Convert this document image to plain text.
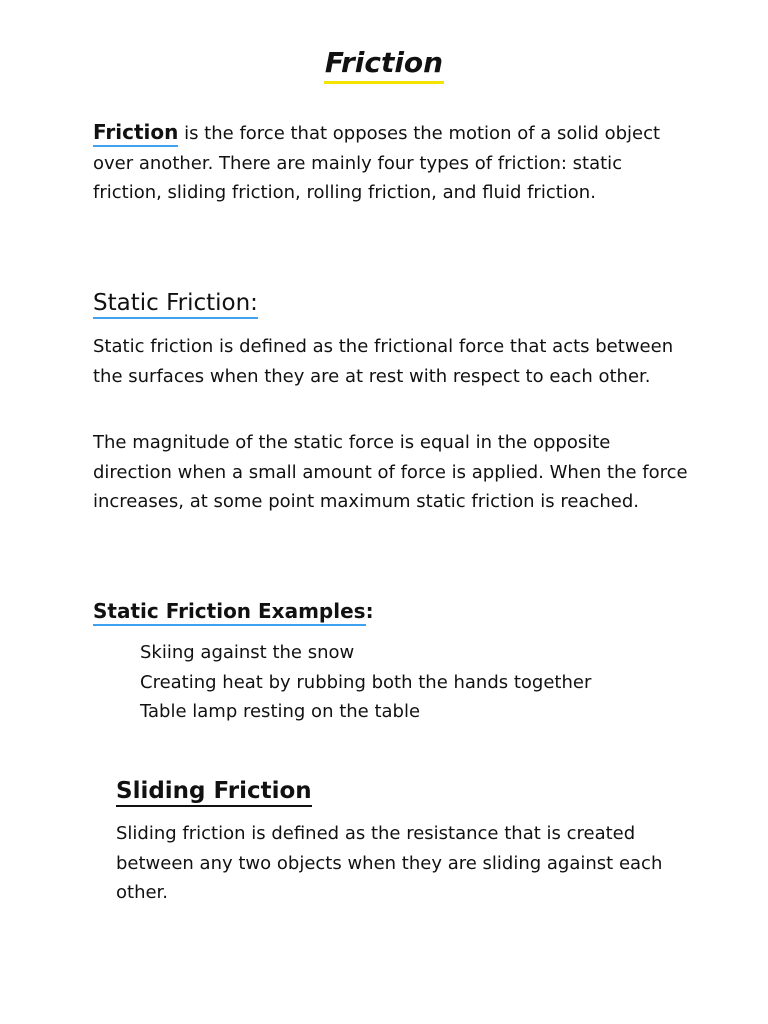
Friction

Friction is the force that opposes the motion of a solid object over another. There are mainly four types of friction: static friction, sliding friction, rolling friction, and fluid friction.

Static Friction:

Static friction is defined as the frictional force that acts between the surfaces when they are at rest with respect to each other.

The magnitude of the static force is equal in the opposite direction when a small amount of force is applied. When the force increases, at some point maximum static friction is reached.

Static Friction Examples:
Skiing against the snow
Creating heat by rubbing both the hands together
Table lamp resting on the table
Sliding Friction

Sliding friction is defined as the resistance that is created between any two objects when they are sliding against each other.
